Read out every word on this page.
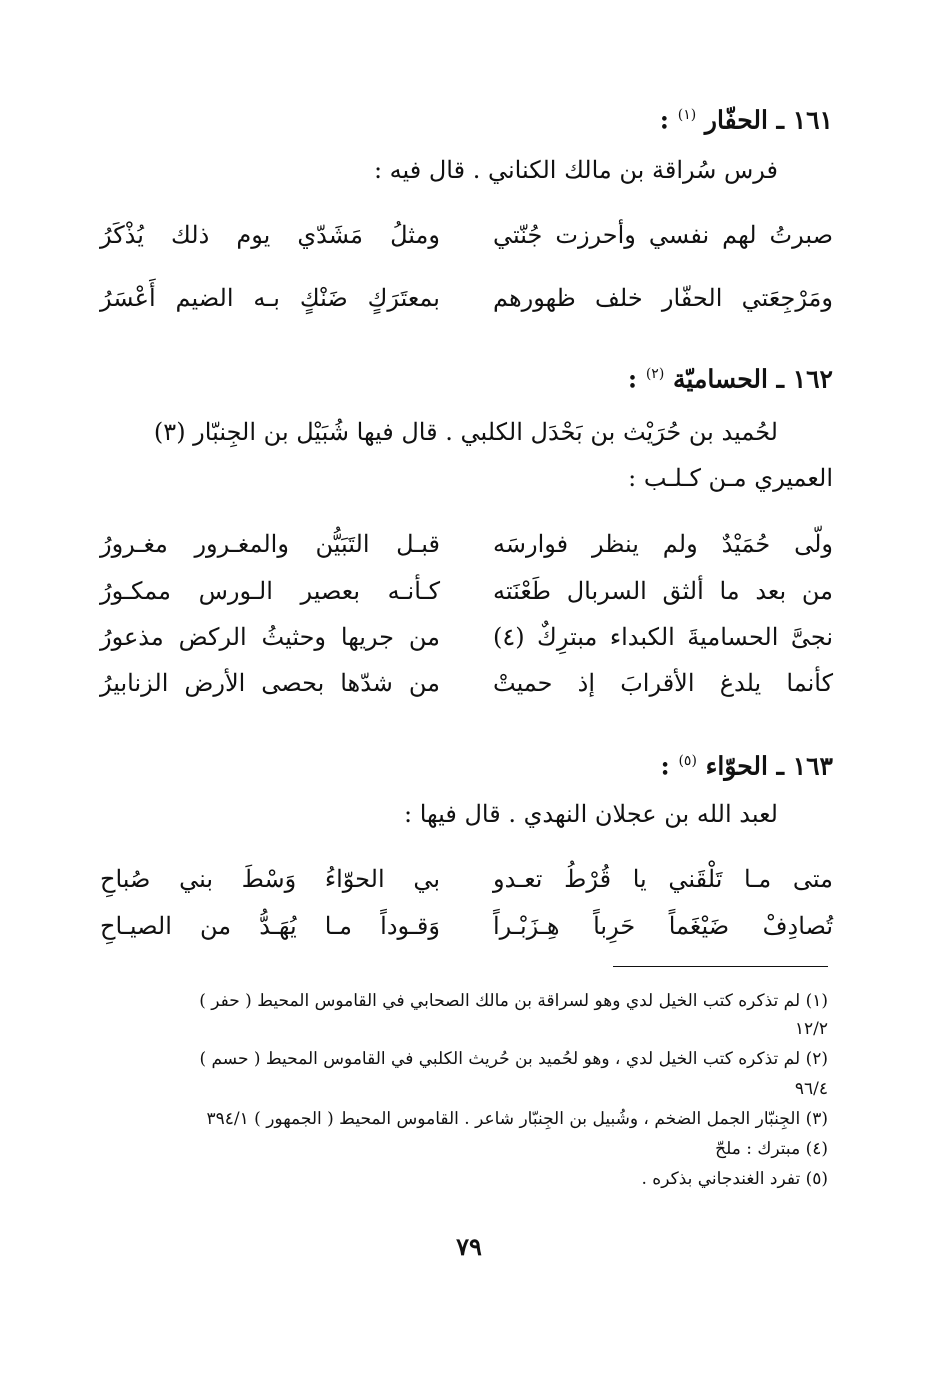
١٦١ ـ الحفّار $^{(١)}$ :
فرس سُراقة بن مالك الكناني . قال فيه :
صبرتُ لهم نفسي وأحرزت جُنّتي
ومثلُ مَشَدّي يوم ذلك يُذْكَرُ
ومَرْجِعَتي الحفّار خلف ظهورهم
بمعتَرَكٍ ضَنْكٍ بـه الضيم أَعْسَرُ
١٦٢ ـ الحساميّة $^{(٢)}$ :
لحُميد بن حُرَيْث بن بَحْدَل الكلبي . قال فيها شُبَيْل بن الجِنبّار (٣)
العميري مـن كـلـب :
ولّى حُمَيْدٌ ولم ينظر فوارسَه
قبـل التَبَيُّن والمغـرور مغـرورُ
من بعد ما ألثق السربال طَعْنَته
كـأنـه بعصير الـورس ممكـورُ
نجىَّ الحساميةَ الكبداء مبترِكٌ (٤)
من جريها وحثيثُ الركض مذعورُ
كأنما يلدغ الأقرابَ إذ حميتْ
من شدّها بحصى الأرض الزنابيرُ
١٦٣ ـ الحوّاء $^{(٥)}$ :
لعبد الله بن عجلان النهدي . قال فيها :
متى مـا تَلْقَني يا قُرْطُ تعـدو
بي الحوّاءُ وَسْطَ بني صُباحِ
تُصادِفْ ضَيْغَماً حَرِباً هِـزَبْـراً
وَقـوداً مـا يُهَـدُّ من الصيـاحِ
(١) لم تذكره كتب الخيل لدي وهو لسراقة بن مالك الصحابي في القاموس المحيط ( حفر )
١٢/٢
(٢) لم تذكره كتب الخيل لدي ، وهو لحُميد بن حُريث الكلبي في القاموس المحيط ( حسم )
٩٦/٤
(٣) الجِنبّار الجمل الضخم ، وشُبيل بن الجِنبّار شاعر . القاموس المحيط ( الجمهور ) ٣٩٤/١
(٤) مبترك : ملحّ
(٥) تفرد الغندجاني بذكره .
٧٩
